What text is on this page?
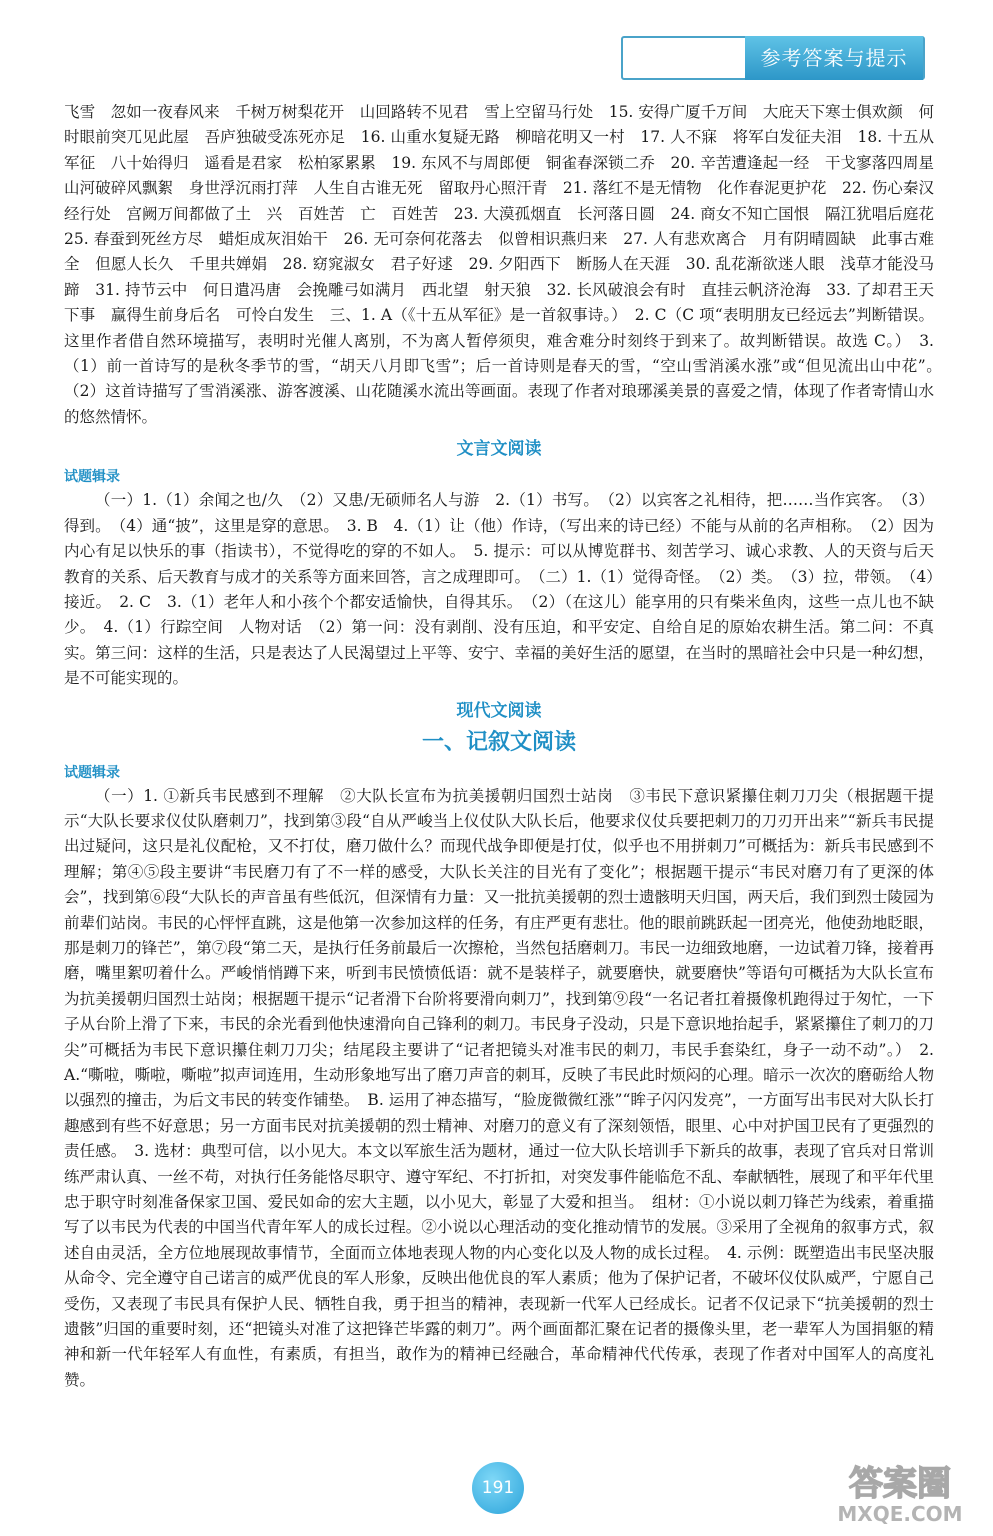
参考答案与提示

飞雪　忽如一夜春风来　千树万树梨花开　山回路转不见君　雪上空留马行处　15. 安得广厦千万间　大庇天下寒士俱欢颜　何时眼前突兀见此屋　吾庐独破受冻死亦足　16. 山重水复疑无路　柳暗花明又一村　17. 人不寐　将军白发征夫泪　18. 十五从军征　八十始得归　遥看是君家　松柏冢累累　19. 东风不与周郎便　铜雀春深锁二乔　20. 辛苦遭逢起一经　干戈寥落四周星　山河破碎风飘絮　身世浮沉雨打萍　人生自古谁无死　留取丹心照汗青　21. 落红不是无情物　化作春泥更护花　22. 伤心秦汉经行处　宫阙万间都做了土　兴　百姓苦　亡　百姓苦　23. 大漠孤烟直　长河落日圆　24. 商女不知亡国恨　隔江犹唱后庭花　25. 春蚕到死丝方尽　蜡炬成灰泪始干　26. 无可奈何花落去　似曾相识燕归来　27. 人有悲欢离合　月有阴晴圆缺　此事古难全　但愿人长久　千里共婵娟　28. 窈窕淑女　君子好逑　29. 夕阳西下　断肠人在天涯　30. 乱花渐欲迷人眼　浅草才能没马蹄　31. 持节云中　何日遣冯唐　会挽雕弓如满月　西北望　射天狼　32. 长风破浪会有时　直挂云帆济沧海　33. 了却君王天下事　赢得生前身后名　可怜白发生　三、1. A（《十五从军征》是一首叙事诗。）　2. C（C 项“表明朋友已经远去”判断错误。这里作者借自然环境描写，表明时光催人离别，不为离人暂停须臾，难舍难分时刻终于到来了。故判断错误。故选 C。）　3.（1）前一首诗写的是秋冬季节的雪，“胡天八月即飞雪”；后一首诗则是春天的雪，“空山雪消溪水涨”或“但见流出山中花”。　（2）这首诗描写了雪消溪涨、游客渡溪、山花随溪水流出等画面。表现了作者对琅琊溪美景的喜爱之情，体现了作者寄情山水的悠然情怀。

文言文阅读
试题辑录

（一）1.（1）余闻之也/久　（2）又患/无硕师名人与游　2.（1）书写。　（2）以宾客之礼相待，把……当作宾客。　（3）得到。　（4）通“披”，这里是穿的意思。　3. B　4.（1）让（他）作诗，（写出来的诗已经）不能与从前的名声相称。　（2）因为内心有足以快乐的事（指读书），不觉得吃的穿的不如人。　5. 提示：可以从博览群书、刻苦学习、诚心求教、人的天资与后天教育的关系、后天教育与成才的关系等方面来回答，言之成理即可。　（二）1.（1）觉得奇怪。　（2）类。　（3）拉，带领。　（4）接近。　2. C　3.（1）老年人和小孩个个都安适愉快，自得其乐。　（2）（在这儿）能享用的只有柴米鱼肉，这些一点儿也不缺少。　4.（1）行踪空间　人物对话　（2）第一问：没有剥削、没有压迫，和平安定、自给自足的原始农耕生活。第二问：不真实。第三问：这样的生活，只是表达了人民渴望过上平等、安宁、幸福的美好生活的愿望，在当时的黑暗社会中只是一种幻想，是不可能实现的。

现代文阅读
一、记叙文阅读
试题辑录

（一）1. ①新兵韦民感到不理解　②大队长宣布为抗美援朝归国烈士站岗　③韦民下意识紧攥住刺刀刀尖（根据题干提示“大队长要求仪仗队磨刺刀”，找到第③段“自从严峻当上仪仗队大队长后，他要求仪仗兵要把刺刀的刀刃开出来”“新兵韦民提出过疑问，这只是礼仪配枪，又不打仗，磨刀做什么？而现代战争即便是打仗，似乎也不用拼刺刀”可概括为：新兵韦民感到不理解；第④⑤段主要讲“韦民磨刀有了不一样的感受，大队长关注的目光有了变化”；根据题干提示“韦民对磨刀有了更深的体会”，找到第⑥段“大队长的声音虽有些低沉，但深情有力量：又一批抗美援朝的烈士遗骸明天归国，两天后，我们到烈士陵园为前辈们站岗。韦民的心怦怦直跳，这是他第一次参加这样的任务，有庄严更有悲壮。他的眼前跳跃起一团亮光，他使劲地眨眼，那是刺刀的锋芒”，第⑦段“第二天，是执行任务前最后一次擦枪，当然包括磨刺刀。韦民一边细致地磨，一边试着刀锋，接着再磨，嘴里絮叨着什么。严峻悄悄蹲下来，听到韦民愤愤低语：就不是装样子，就要磨快，就要磨快”等语句可概括为大队长宣布为抗美援朝归国烈士站岗；根据题干提示“记者滑下台阶将要滑向刺刀”，找到第⑨段“一名记者扛着摄像机跑得过于匆忙，一下子从台阶上滑了下来，韦民的余光看到他快速滑向自己锋利的刺刀。韦民身子没动，只是下意识地抬起手，紧紧攥住了刺刀的刀尖”可概括为韦民下意识攥住刺刀刀尖；结尾段主要讲了“记者把镜头对准韦民的刺刀，韦民手套染红，身子一动不动”。）　2. A.“嘶啦，嘶啦，嘶啦”拟声词连用，生动形象地写出了磨刀声音的刺耳，反映了韦民此时烦闷的心理。暗示一次次的磨砺给人物以强烈的撞击，为后文韦民的转变作铺垫。　B. 运用了神态描写，“脸庞微微红涨”“眸子闪闪发亮”，一方面写出韦民对大队长打趣感到有些不好意思；另一方面韦民对抗美援朝的烈士精神、对磨刀的意义有了深刻领悟，眼里、心中对护国卫民有了更强烈的责任感。　3. 选材：典型可信，以小见大。本文以军旅生活为题材，通过一位大队长培训手下新兵的故事，表现了官兵对日常训练严肃认真、一丝不苟，对执行任务能恪尽职守、遵守军纪、不打折扣，对突发事件能临危不乱、奉献牺牲，展现了和平年代里忠于职守时刻准备保家卫国、爱民如命的宏大主题，以小见大，彰显了大爱和担当。　组材：①小说以刺刀锋芒为线索，着重描写了以韦民为代表的中国当代青年军人的成长过程。②小说以心理活动的变化推动情节的发展。③采用了全视角的叙事方式，叙述自由灵活，全方位地展现故事情节，全面而立体地表现人物的内心变化以及人物的成长过程。　4. 示例：既塑造出韦民坚决服从命令、完全遵守自己诺言的威严优良的军人形象，反映出他优良的军人素质；他为了保护记者，不破坏仪仗队威严，宁愿自己受伤，又表现了韦民具有保护人民、牺牲自我，勇于担当的精神，表现新一代军人已经成长。记者不仅记录下“抗美援朝的烈士遗骸”归国的重要时刻，还“把镜头对准了这把锋芒毕露的刺刀”。两个画面都汇聚在记者的摄像头里，老一辈军人为国捐躯的精神和新一代年轻军人有血性，有素质，有担当，敢作为的精神已经融合，革命精神代代传承，表现了作者对中国军人的高度礼赞。

191	答案圈
MXQE.COM
